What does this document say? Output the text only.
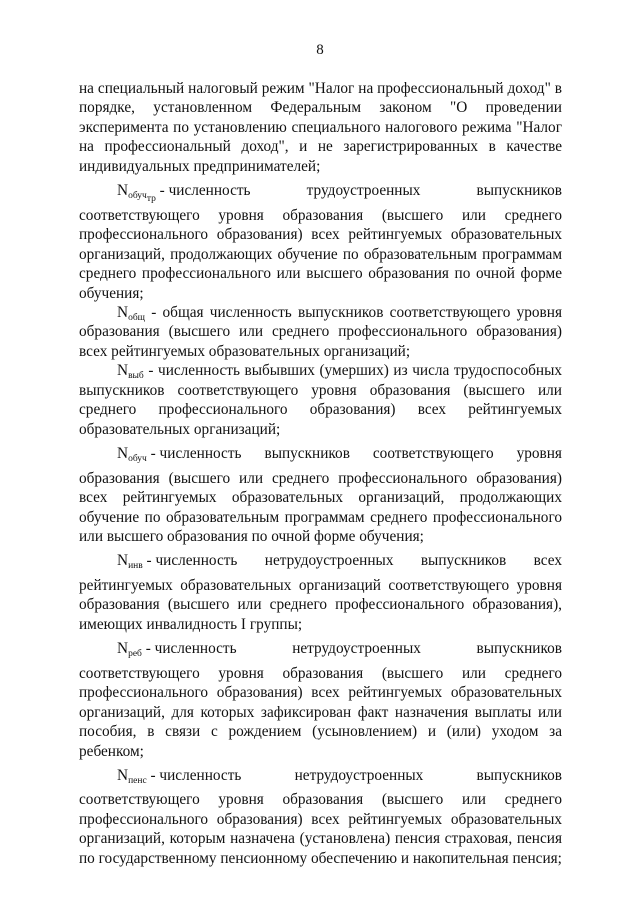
8

на специальный налоговый режим "Налог на профессиональный доход" в порядке, установленном Федеральным законом "О проведении эксперимента по установлению специального налогового режима "Налог на профессиональный доход", и не зарегистрированных в качестве индивидуальных предпринимателей;

$N_{обуч_{тр}}$ - численность	трудоустроенных	выпускников

соответствующего уровня образования (высшего или среднего профессионального образования) всех рейтингуемых образовательных организаций, продолжающих обучение по образовательным программам среднего профессионального или высшего образования по очной форме обучения;

$N_{общ}$ - общая численность выпускников соответствующего уровня образования (высшего или среднего профессионального образования) всех рейтингуемых образовательных организаций;

$N_{выб}$ - численность выбывших (умерших) из числа трудоспособных выпускников соответствующего уровня образования (высшего или среднего профессионального образования) всех рейтингуемых образовательных организаций;

$N_{обуч}$ - численность выпускников соответствующего уровня

образования (высшего или среднего профессионального образования) всех рейтингуемых образовательных организаций, продолжающих обучение по образовательным программам среднего профессионального или высшего образования по очной форме обучения;

$N_{инв}$ - численность нетрудоустроенных выпускников всех

рейтингуемых образовательных организаций соответствующего уровня образования (высшего или среднего профессионального образования), имеющих инвалидность I группы;

$N_{реб}$ - численность	нетрудоустроенных	выпускников

соответствующего уровня образования (высшего или среднего профессионального образования) всех рейтингуемых образовательных организаций, для которых зафиксирован факт назначения выплаты или пособия, в связи с рождением (усыновлением) и (или) уходом за ребенком;

$N_{пенс}$ - численность	нетрудоустроенных	выпускников

соответствующего уровня образования (высшего или среднего профессионального образования) всех рейтингуемых образовательных организаций, которым назначена (установлена) пенсия страховая, пенсия по государственному пенсионному обеспечению и накопительная пенсия;
